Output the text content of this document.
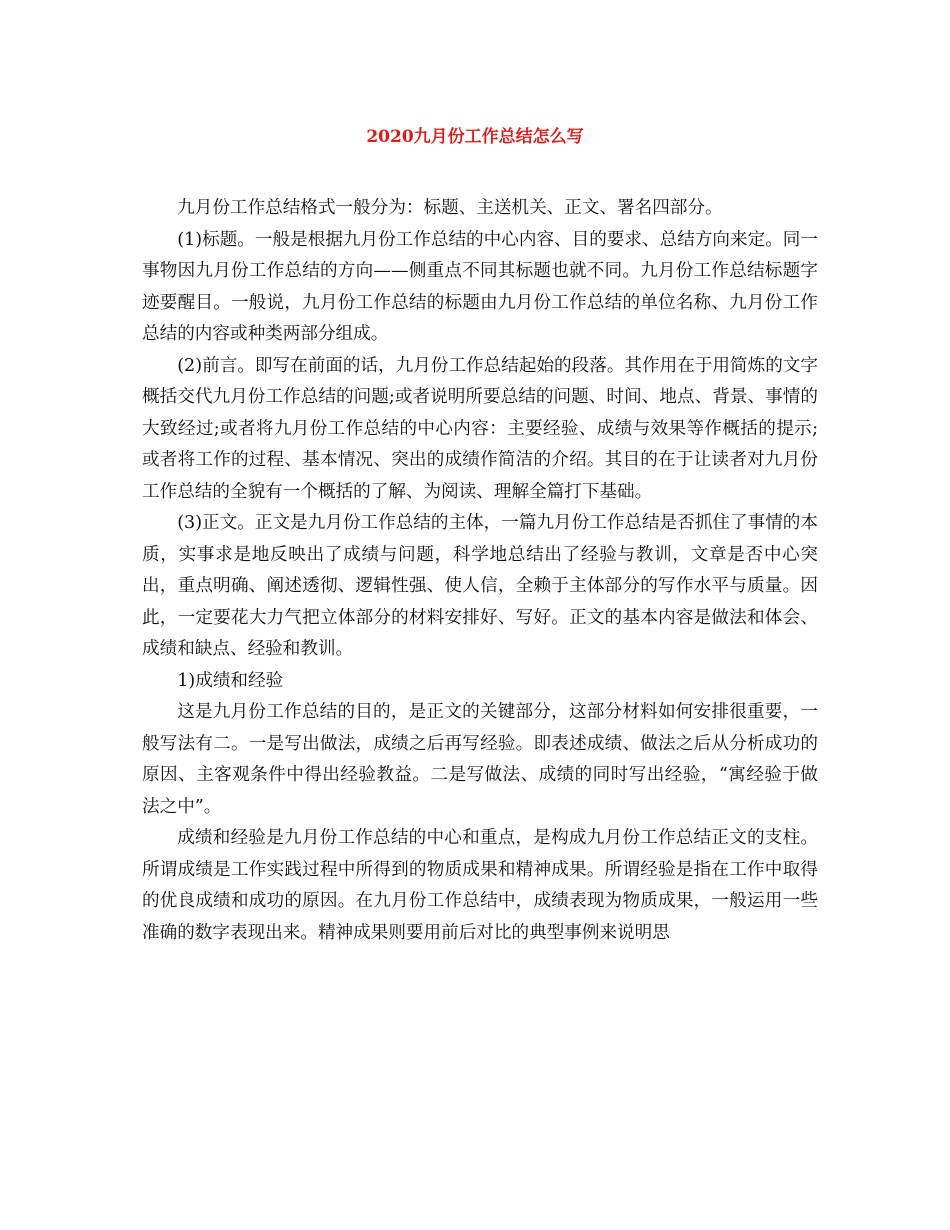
2020九月份工作总结怎么写

九月份工作总结格式一般分为：标题、主送机关、正文、署名四部分。

(1)标题。一般是根据九月份工作总结的中心内容、目的要求、总结方向来定。同一事物因九月份工作总结的方向——侧重点不同其标题也就不同。九月份工作总结标题字迹要醒目。一般说，九月份工作总结的标题由九月份工作总结的单位名称、九月份工作总结的内容或种类两部分组成。

(2)前言。即写在前面的话，九月份工作总结起始的段落。其作用在于用简炼的文字概括交代九月份工作总结的问题;或者说明所要总结的问题、时间、地点、背景、事情的大致经过;或者将九月份工作总结的中心内容：主要经验、成绩与效果等作概括的提示;或者将工作的过程、基本情况、突出的成绩作简洁的介绍。其目的在于让读者对九月份工作总结的全貌有一个概括的了解、为阅读、理解全篇打下基础。

(3)正文。正文是九月份工作总结的主体，一篇九月份工作总结是否抓住了事情的本质，实事求是地反映出了成绩与问题，科学地总结出了经验与教训，文章是否中心突出，重点明确、阐述透彻、逻辑性强、使人信，全赖于主体部分的写作水平与质量。因此，一定要花大力气把立体部分的材料安排好、写好。正文的基本内容是做法和体会、成绩和缺点、经验和教训。

1)成绩和经验

这是九月份工作总结的目的，是正文的关键部分，这部分材料如何安排很重要，一般写法有二。一是写出做法，成绩之后再写经验。即表述成绩、做法之后从分析成功的原因、主客观条件中得出经验教益。二是写做法、成绩的同时写出经验，“寓经验于做法之中”。

成绩和经验是九月份工作总结的中心和重点，是构成九月份工作总结正文的支柱。所谓成绩是工作实践过程中所得到的物质成果和精神成果。所谓经验是指在工作中取得的优良成绩和成功的原因。在九月份工作总结中，成绩表现为物质成果，一般运用一些准确的数字表现出来。精神成果则要用前后对比的典型事例来说明思
